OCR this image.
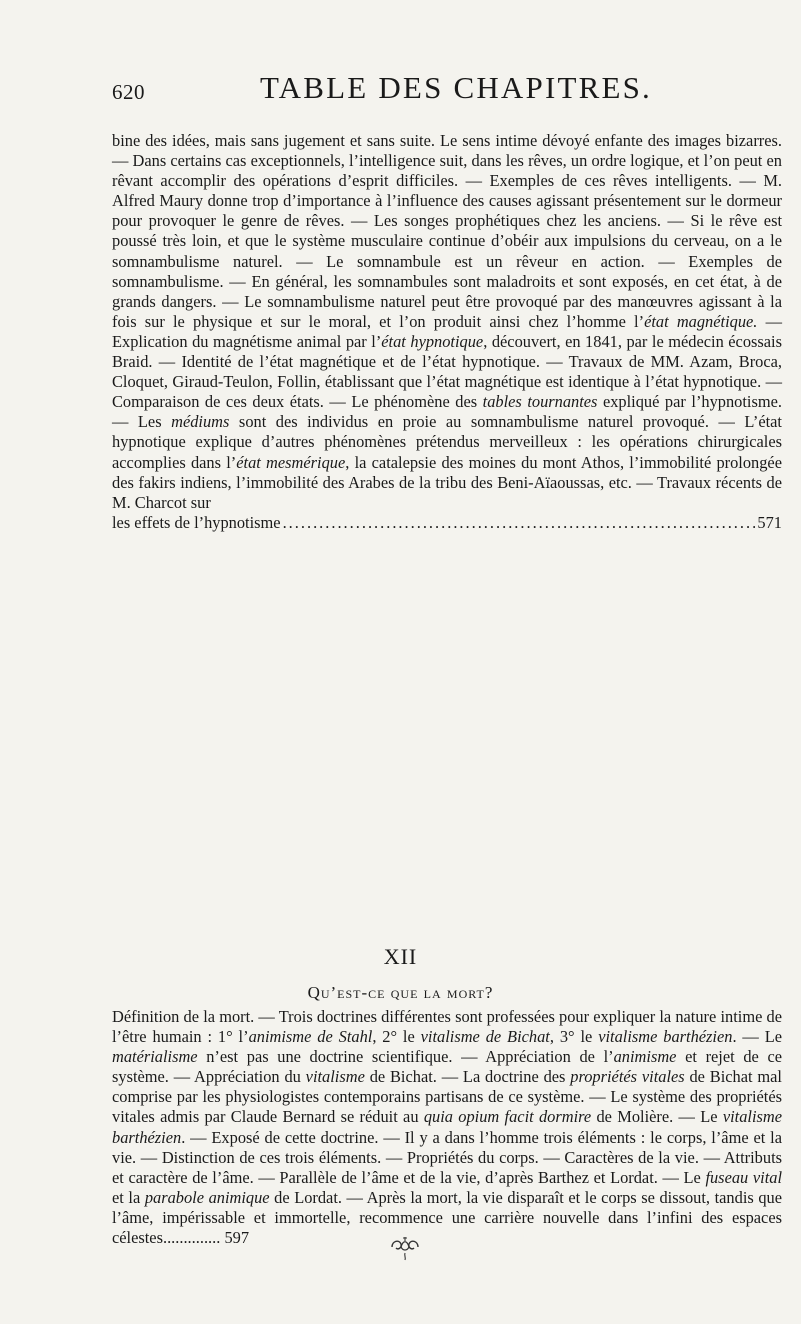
620	TABLE DES CHAPITRES.

bine des idées, mais sans jugement et sans suite. Le sens intime dévoyé enfante des images bizarres. — Dans certains cas exceptionnels, l’intelligence suit, dans les rêves, un ordre logique, et l’on peut en rêvant accomplir des opérations d’esprit difficiles. — Exemples de ces rêves intelligents. — M. Alfred Maury donne trop d’importance à l’influence des causes agissant présentement sur le dormeur pour provoquer le genre de rêves. — Les songes prophétiques chez les anciens. — Si le rêve est poussé très loin, et que le système musculaire continue d’obéir aux impulsions du cerveau, on a le somnambulisme naturel. — Le somnambule est un rêveur en action. — Exemples de somnambulisme. — En général, les somnambules sont maladroits et sont exposés, en cet état, à de grands dangers. — Le somnambulisme naturel peut être provoqué par des manœuvres agissant à la fois sur le physique et sur le moral, et l’on produit ainsi chez l’homme l’état magnétique. — Explication du magnétisme animal par l’état hypnotique, découvert, en 1841, par le médecin écossais Braid. — Identité de l’état magnétique et de l’état hypnotique. — Travaux de MM. Azam, Broca, Cloquet, Giraud-Teulon, Follin, établissant que l’état magnétique est identique à l’état hypnotique. — Comparaison de ces deux états. — Le phénomène des tables tournantes expliqué par l’hypnotisme. — Les médiums sont des individus en proie au somnambulisme naturel provoqué. — L’état hypnotique explique d’autres phénomènes prétendus merveilleux : les opérations chirurgicales accomplies dans l’état mesmérique, la catalepsie des moines du mont Athos, l’immobilité prolongée des fakirs indiens, l’immobilité des Arabes de la tribu des Beni-Aïaoussas, etc. — Travaux récents de M. Charcot sur

les effets de l’hypnotisme
.....	571
XII
Qu’est-ce que la mort?
Définition de la mort. — Trois doctrines différentes sont professées pour expliquer la nature intime de l’être humain : 1° l’animisme de Stahl, 2° le vitalisme de Bichat, 3° le vitalisme barthézien. — Le matérialisme n’est pas une doctrine scientifique. — Appréciation de l’animisme et rejet de ce système. — Appréciation du vitalisme de Bichat. — La doctrine des propriétés vitales de Bichat mal comprise par les physiologistes contemporains partisans de ce système. — Le système des propriétés vitales admis par Claude Bernard se réduit au quia opium facit dormire de Molière. — Le vitalisme barthézien. — Exposé de cette doctrine. — Il y a dans l’homme trois éléments : le corps, l’âme et la vie. — Distinction de ces trois éléments. — Propriétés du corps. — Caractères de la vie. — Attributs et caractère de l’âme. — Parallèle de l’âme et de la vie, d’après Barthez et Lordat. — Le fuseau vital et la parabole animique de Lordat. — Après la mort, la vie disparaît et le corps se dissout, tandis que l’âme, impérissable et immortelle, recommence une carrière nouvelle dans l’infini des espaces célestes.............. 597
